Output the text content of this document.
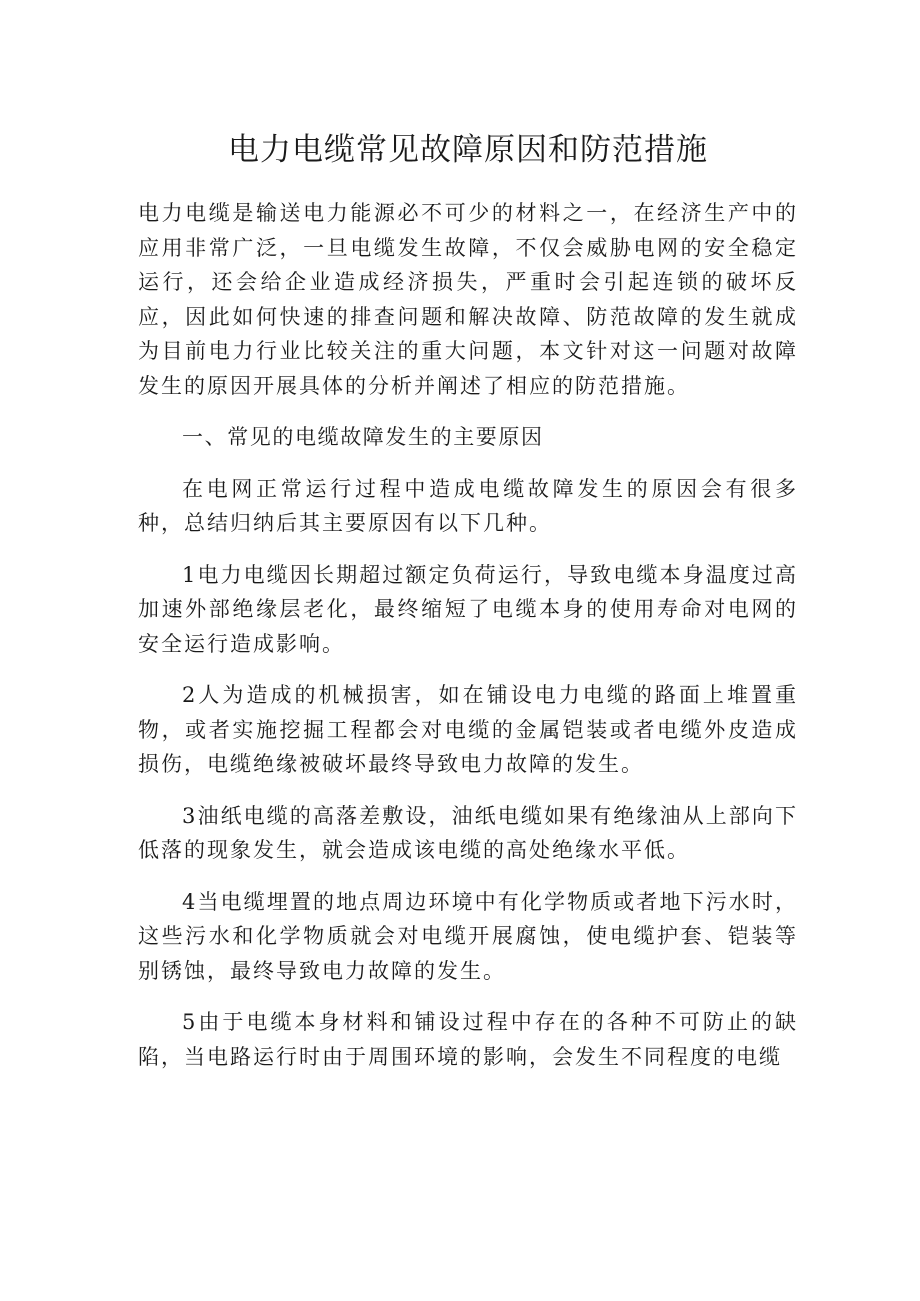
电力电缆常见故障原因和防范措施

电力电缆是输送电力能源必不可少的材料之一，在经济生产中的应用非常广泛，一旦电缆发生故障，不仅会威胁电网的安全稳定运行，还会给企业造成经济损失，严重时会引起连锁的破坏反应，因此如何快速的排查问题和解决故障、防范故障的发生就成为目前电力行业比较关注的重大问题，本文针对这一问题对故障发生的原因开展具体的分析并阐述了相应的防范措施。

一、常见的电缆故障发生的主要原因

在电网正常运行过程中造成电缆故障发生的原因会有很多种，总结归纳后其主要原因有以下几种。

1电力电缆因长期超过额定负荷运行，导致电缆本身温度过高加速外部绝缘层老化，最终缩短了电缆本身的使用寿命对电网的安全运行造成影响。

2人为造成的机械损害，如在铺设电力电缆的路面上堆置重物，或者实施挖掘工程都会对电缆的金属铠装或者电缆外皮造成损伤，电缆绝缘被破坏最终导致电力故障的发生。

3油纸电缆的高落差敷设，油纸电缆如果有绝缘油从上部向下低落的现象发生，就会造成该电缆的高处绝缘水平低。

4当电缆埋置的地点周边环境中有化学物质或者地下污水时，这些污水和化学物质就会对电缆开展腐蚀，使电缆护套、铠装等别锈蚀，最终导致电力故障的发生。

5由于电缆本身材料和铺设过程中存在的各种不可防止的缺陷，当电路运行时由于周围环境的影响，会发生不同程度的电缆
